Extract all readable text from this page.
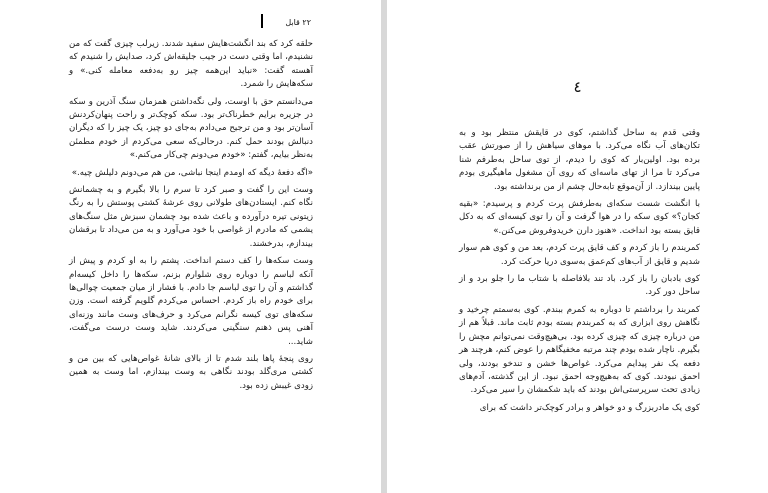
۲۲ قابل

حلقه کرد که بند انگشت‌هایش سفید شدند. زیرلب چیزی گفت که من نشنیدم، اما وقتی دست در جیب جلیقه‌اش کرد، صدایش را شنیدم که آهسته گفت: «نباید این‌همه چیز رو به‌دفعه معامله کنی.» و سکه‌هایش را شمرد.

می‌دانستم حق با اوست، ولی نگه‌داشتن همزمان سنگ آذرین و سکه در جزیره برایم خطرناک‌تر بود. سکه کوچک‌تر و راحت پنهان‌کردنش آسان‌تر بود و من ترجیح می‌دادم به‌جای دو چیز، یک چیز را که دیگران دنبالش بودند حمل کنم. درحالی‌که سعی می‌کردم از خودم مطمئن به‌نظر بیایم، گفتم: «خودم می‌دونم چی‌کار می‌کنم.»

«اگه دفعهٔ دیگه که اومدم اینجا نباشی، من هم می‌دونم دلیلش چیه.»

وست این را گفت و صبر کرد تا سرم را بالا بگیرم و به چشمانش نگاه کنم. ایستادن‌های طولانی روی عرشهٔ کشتی پوستش را به رنگ زیتونی تیره درآورده و باعث شده بود چشمان سبزش مثل سنگ‌های یشمی که مادرم از غواصی با خود می‌آورد و به من می‌داد تا برقشان بیندازم، بدرخشند.

وست سکه‌ها را کف دستم انداخت. پشتم را به او کردم و پیش از آنکه لباسم را دوباره روی شلوارم بزنم، سکه‌ها را داخل کیسه‌ام گذاشتم و آن را توی لباسم جا دادم. با فشار از میان جمعیت چوالی‌ها برای خودم راه باز کردم. احساس می‌کردم گلویم گرفته است. وزن سکه‌های توی کیسه نگرانم می‌کرد و حرف‌های وست مانند وزنه‌ای آهنی پس ذهنم سنگینی می‌کردند. شاید وست درست می‌گفت، شاید...

روی پنجهٔ پاها بلند شدم تا از بالای شانهٔ غواص‌هایی که بین من و کشتی مری‌گلد بودند نگاهی به وست بیندازم، اما وست به همین زودی غیبش زده بود.

٤

وقتی قدم به ساحل گذاشتم، کوی در قایقش منتظر بود و به تکان‌های آب نگاه می‌کرد. با موهای سیاهش را از صورتش عقب برده بود. اولین‌بار که کوی را دیدم، از توی ساحل به‌طرفم شنا می‌کرد تا مرا از تهای ماسه‌ای که روی آن مشغول ماهیگیری بودم پایین بیندازد. از آن‌موقع تابه‌حال چشم از من برنداشته بود.

با انگشت شست سکه‌ای به‌طرفش پرت کردم و پرسیدم: «بقیه کجان؟» کوی سکه را در هوا گرفت و آن را توی کیسه‌ای که به دکل قایق بسته بود انداخت. «هنوز دارن خریدوفروش می‌کنن.»

کمربندم را باز کردم و کف قایق پرت کردم، بعد من و کوی هم سوار شدیم و قایق از آب‌های کم‌عمق به‌سوی دریا حرکت کرد.

کوی بادبان را باز کرد. باد تند بلافاصله با شتاب ما را جلو برد و از ساحل دور کرد.

کمربند را برداشتم تا دوباره به کمرم ببندم. کوی به‌سمتم چرخید و نگاهش روی ابزاری که به کمربندم بسته بودم ثابت ماند. قبلاً هم از من درباره چیزی که چیزی کرده بود. بی‌هیچ‌وقت نمی‌توانم مچش را بگیرم. ناچار شده بودم چند مرتبه مخفیگاهم را عوض کنم، هرچند هر دفعه یک نفر پیدایم می‌کرد. غواص‌ها خشن و تندخو بودند، ولی احمق نبودند. کوی که به‌هیچ‌وجه احمق نبود. از این گذشته، آدم‌های زیادی تحت سرپرستی‌اش بودند که باید شکمشان را سیر می‌کرد.

کوی یک مادربزرگ و دو خواهر و برادر کوچک‌تر داشت که برای
